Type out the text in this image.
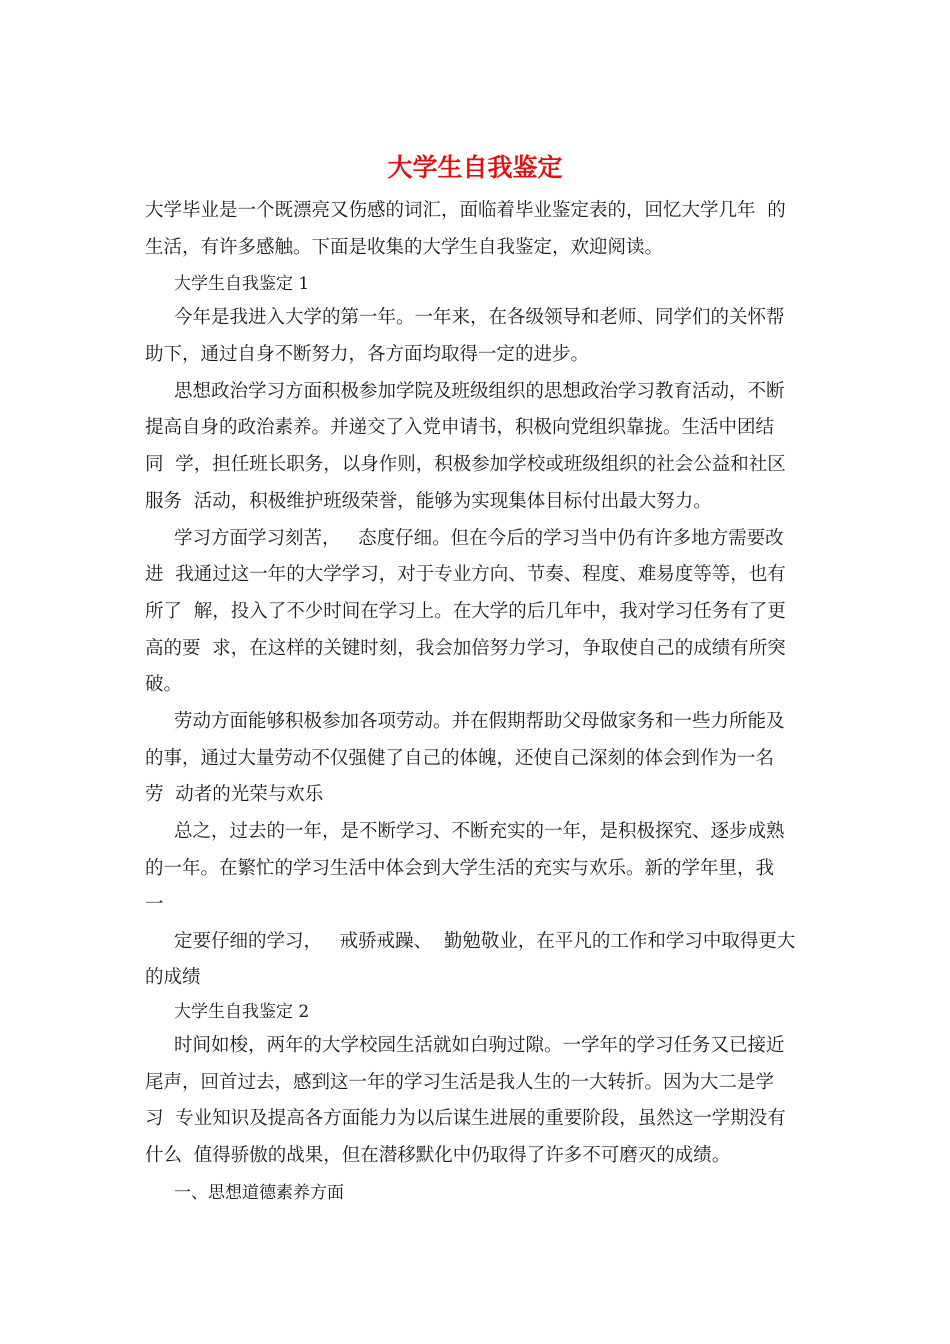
大学生自我鉴定

大学毕业是一个既漂亮又伤感的词汇，面临着毕业鉴定表的，回忆大学几年  的

生活，有许多感触。下面是收集的大学生自我鉴定，欢迎阅读。

大学生自我鉴定 1

今年是我进入大学的第一年。一年来，在各级领导和老师、同学们的关怀帮

助下，通过自身不断努力，各方面均取得一定的进步。

思想政治学习方面积极参加学院及班级组织的思想政治学习教育活动，不断

提高自身的政治素养。并递交了入党申请书，积极向党组织靠拢。生活中团结

同  学，担任班长职务，以身作则，积极参加学校或班级组织的社会公益和社区

服务  活动，积极维护班级荣誉，能够为实现集体目标付出最大努力。

学习方面学习刻苦，   态度仔细。但在今后的学习当中仍有许多地方需要改

进  我通过这一年的大学学习，对于专业方向、节奏、程度、难易度等等，也有

所了  解，投入了不少时间在学习上。在大学的后几年中，我对学习任务有了更

高的要  求，在这样的关键时刻，我会加倍努力学习，争取使自己的成绩有所突

破。

劳动方面能够积极参加各项劳动。并在假期帮助父母做家务和一些力所能及

的事，通过大量劳动不仅强健了自己的体魄，还使自己深刻的体会到作为一名

劳  动者的光荣与欢乐

总之，过去的一年，是不断学习、不断充实的一年，是积极探究、逐步成熟

的一年。在繁忙的学习生活中体会到大学生活的充实与欢乐。新的学年里，我

一

定要仔细的学习，   戒骄戒躁、  勤勉敬业，在平凡的工作和学习中取得更大

的成绩

大学生自我鉴定 2

时间如梭，两年的大学校园生活就如白驹过隙。一学年的学习任务又已接近

尾声，回首过去，感到这一年的学习生活是我人生的一大转折。因为大二是学

习  专业知识及提高各方面能力为以后谋生进展的重要阶段，虽然这一学期没有

什么  值得骄傲的战果，但在潜移默化中仍取得了许多不可磨灭的成绩。

一、思想道德素养方面
